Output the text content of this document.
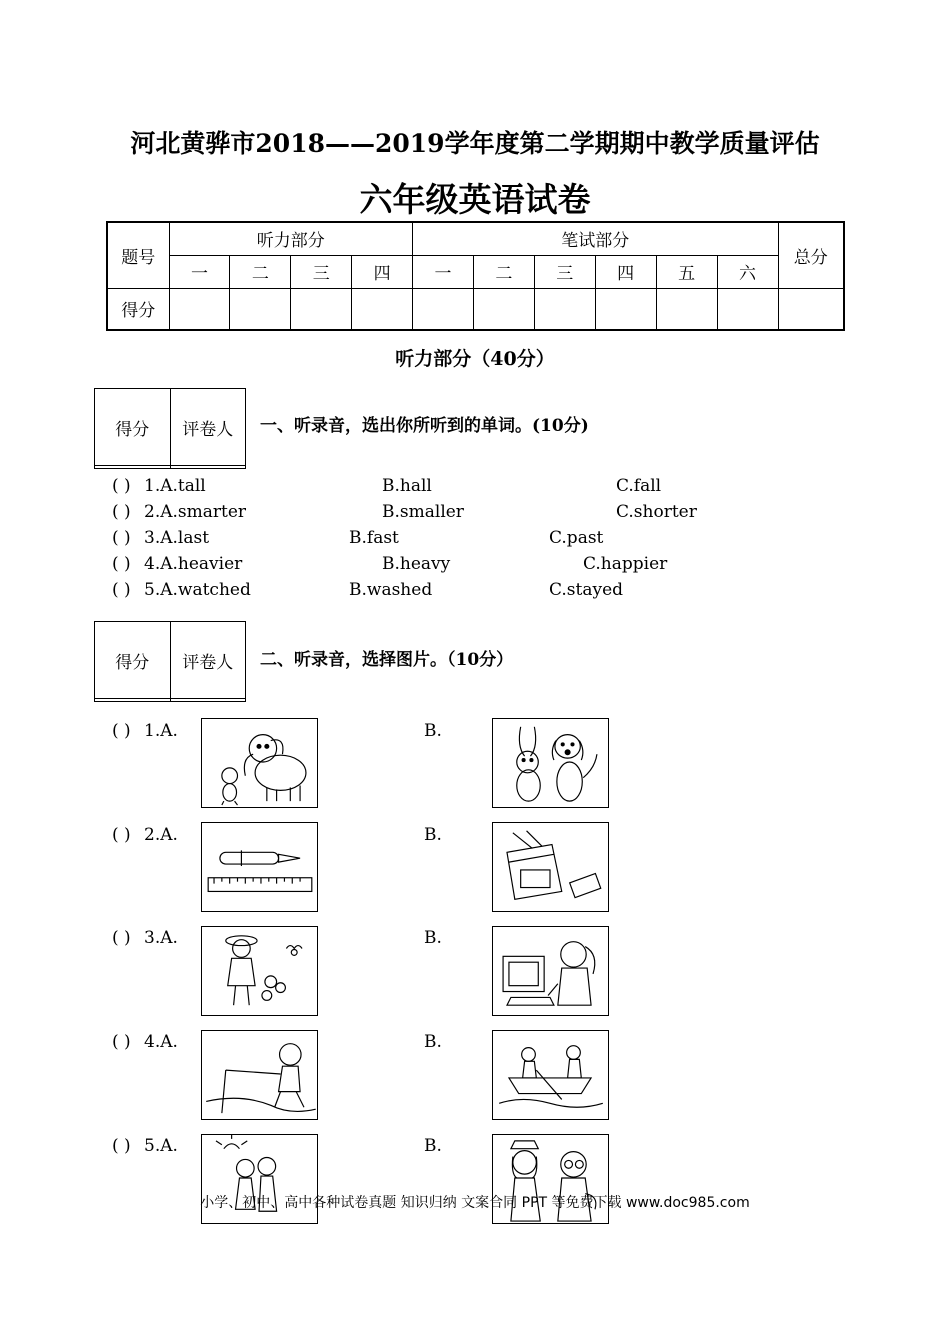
河北黄骅市2018——2019学年度第二学期期中教学质量评估
六年级英语试卷
题号	听力部分				笔试部分						总分
	一	二	三	四	一	二	三	四	五	六	
得分											
听力部分（40分）
得分	评卷人
	一、听录音，选出你所听到的单词。(10分)
( ) 1.A.tall	B.hall	C.fall
( ) 2.A.smarter	B.smaller	C.shorter
( ) 3.A.last	B.fast	C.past
( ) 4.A.heavier	B.heavy	C.happier
( ) 5.A.watched	B.washed	C.stayed
得分	评卷人
	二、听录音，选择图片。（10分）
( ) 1.A.	B.
( ) 2.A.	B.
( ) 3.A.	B.
( ) 4.A.	B.
( ) 5.A.	B.
小学、初中、高中各种试卷真题 知识归纳 文案合同 PPT 等免费下载 www.doc985.com
